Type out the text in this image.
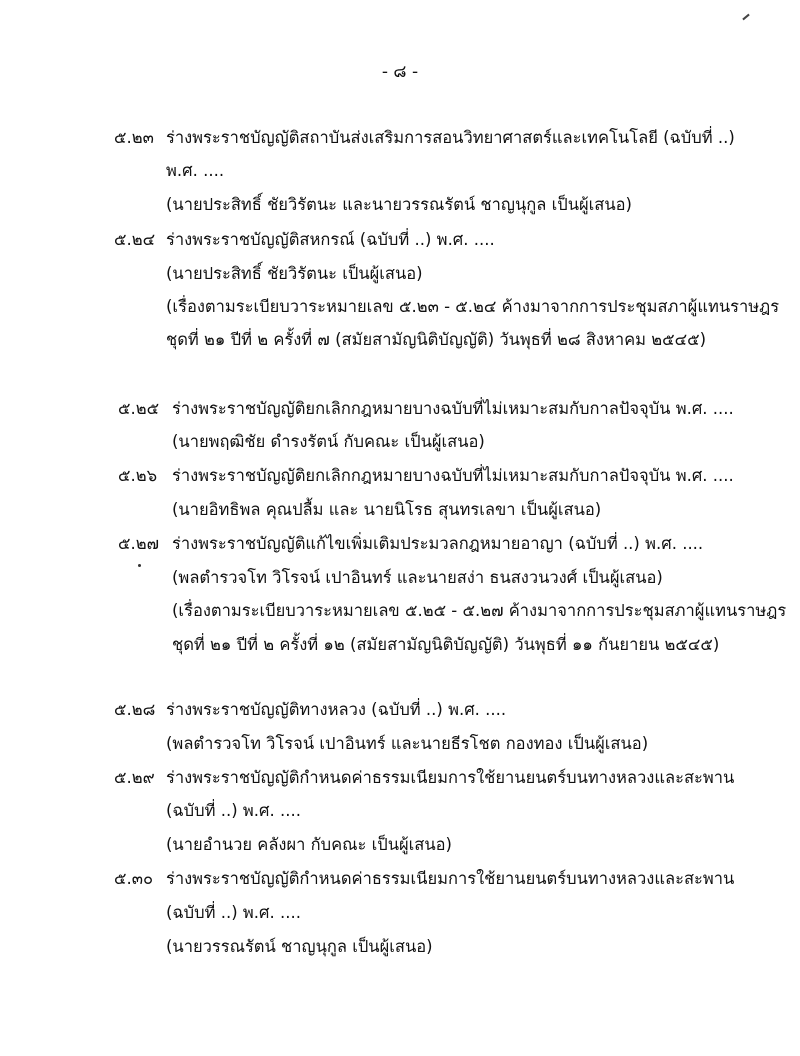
- ๘ -
๕.๒๓ ร่างพระราชบัญญัติสถาบันส่งเสริมการสอนวิทยาศาสตร์และเทคโนโลยี (ฉบับที่ ..)
พ.ศ. ....
(นายประสิทธิ์ ชัยวิรัตนะ และนายวรรณรัตน์ ชาญนุกูล เป็นผู้เสนอ)
๕.๒๔ ร่างพระราชบัญญัติสหกรณ์ (ฉบับที่ ..) พ.ศ. ....
(นายประสิทธิ์ ชัยวิรัตนะ เป็นผู้เสนอ)
(เรื่องตามระเบียบวาระหมายเลข ๕.๒๓ - ๕.๒๔ ค้างมาจากการประชุมสภาผู้แทนราษฎร
ชุดที่ ๒๑ ปีที่ ๒ ครั้งที่ ๗ (สมัยสามัญนิติบัญญัติ) วันพุธที่ ๒๘ สิงหาคม ๒๕๔๕)
๕.๒๕ ร่างพระราชบัญญัติยกเลิกกฎหมายบางฉบับที่ไม่เหมาะสมกับกาลปัจจุบัน พ.ศ. ....
(นายพฤฒิชัย ดำรงรัตน์ กับคณะ เป็นผู้เสนอ)
๕.๒๖ ร่างพระราชบัญญัติยกเลิกกฎหมายบางฉบับที่ไม่เหมาะสมกับกาลปัจจุบัน พ.ศ. ....
(นายอิทธิพล คุณปลื้ม และ นายนิโรธ สุนทรเลขา เป็นผู้เสนอ)
๕.๒๗ ร่างพระราชบัญญัติแก้ไขเพิ่มเติมประมวลกฎหมายอาญา (ฉบับที่ ..) พ.ศ. ....
(พลตำรวจโท วิโรจน์ เปาอินทร์ และนายสง่า ธนสงวนวงศ์ เป็นผู้เสนอ)
(เรื่องตามระเบียบวาระหมายเลข ๕.๒๕ - ๕.๒๗ ค้างมาจากการประชุมสภาผู้แทนราษฎร
ชุดที่ ๒๑ ปีที่ ๒ ครั้งที่ ๑๒ (สมัยสามัญนิติบัญญัติ) วันพุธที่ ๑๑ กันยายน ๒๕๔๕)
๕.๒๘ ร่างพระราชบัญญัติทางหลวง (ฉบับที่ ..) พ.ศ. ....
(พลตำรวจโท วิโรจน์ เปาอินทร์ และนายธีรโชต กองทอง เป็นผู้เสนอ)
๕.๒๙ ร่างพระราชบัญญัติกำหนดค่าธรรมเนียมการใช้ยานยนตร์บนทางหลวงและสะพาน
(ฉบับที่ ..) พ.ศ. ....
(นายอำนวย คลังผา กับคณะ เป็นผู้เสนอ)
๕.๓๐ ร่างพระราชบัญญัติกำหนดค่าธรรมเนียมการใช้ยานยนตร์บนทางหลวงและสะพาน
(ฉบับที่ ..) พ.ศ. ....
(นายวรรณรัตน์ ชาญนุกูล เป็นผู้เสนอ)
